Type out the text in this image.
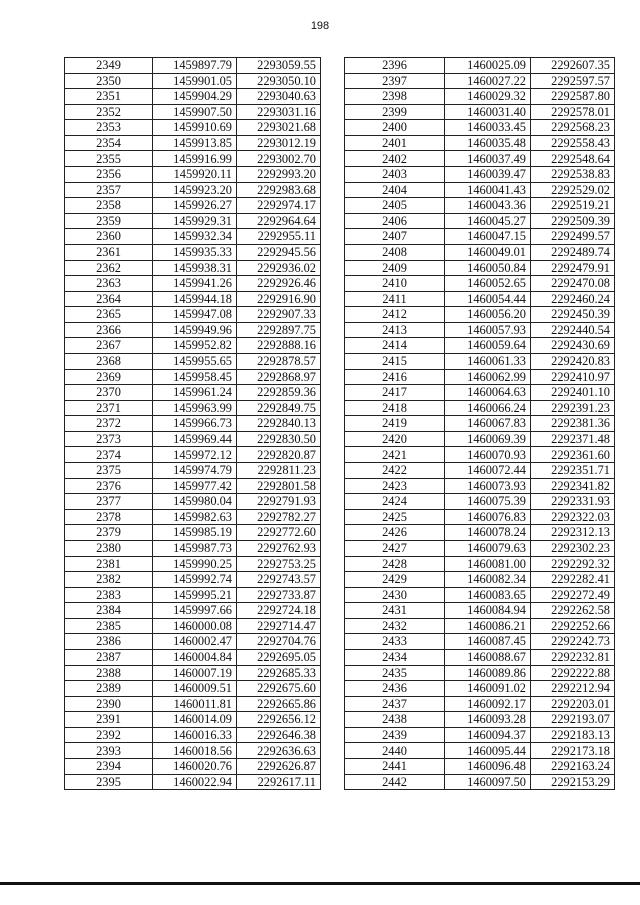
198
2349	1459897.79	2293059.55
2350	1459901.05	2293050.10
2351	1459904.29	2293040.63
2352	1459907.50	2293031.16
2353	1459910.69	2293021.68
2354	1459913.85	2293012.19
2355	1459916.99	2293002.70
2356	1459920.11	2292993.20
2357	1459923.20	2292983.68
2358	1459926.27	2292974.17
2359	1459929.31	2292964.64
2360	1459932.34	2292955.11
2361	1459935.33	2292945.56
2362	1459938.31	2292936.02
2363	1459941.26	2292926.46
2364	1459944.18	2292916.90
2365	1459947.08	2292907.33
2366	1459949.96	2292897.75
2367	1459952.82	2292888.16
2368	1459955.65	2292878.57
2369	1459958.45	2292868.97
2370	1459961.24	2292859.36
2371	1459963.99	2292849.75
2372	1459966.73	2292840.13
2373	1459969.44	2292830.50
2374	1459972.12	2292820.87
2375	1459974.79	2292811.23
2376	1459977.42	2292801.58
2377	1459980.04	2292791.93
2378	1459982.63	2292782.27
2379	1459985.19	2292772.60
2380	1459987.73	2292762.93
2381	1459990.25	2292753.25
2382	1459992.74	2292743.57
2383	1459995.21	2292733.87
2384	1459997.66	2292724.18
2385	1460000.08	2292714.47
2386	1460002.47	2292704.76
2387	1460004.84	2292695.05
2388	1460007.19	2292685.33
2389	1460009.51	2292675.60
2390	1460011.81	2292665.86
2391	1460014.09	2292656.12
2392	1460016.33	2292646.38
2393	1460018.56	2292636.63
2394	1460020.76	2292626.87
2395	1460022.94	2292617.11
2396	1460025.09	2292607.35
2397	1460027.22	2292597.57
2398	1460029.32	2292587.80
2399	1460031.40	2292578.01
2400	1460033.45	2292568.23
2401	1460035.48	2292558.43
2402	1460037.49	2292548.64
2403	1460039.47	2292538.83
2404	1460041.43	2292529.02
2405	1460043.36	2292519.21
2406	1460045.27	2292509.39
2407	1460047.15	2292499.57
2408	1460049.01	2292489.74
2409	1460050.84	2292479.91
2410	1460052.65	2292470.08
2411	1460054.44	2292460.24
2412	1460056.20	2292450.39
2413	1460057.93	2292440.54
2414	1460059.64	2292430.69
2415	1460061.33	2292420.83
2416	1460062.99	2292410.97
2417	1460064.63	2292401.10
2418	1460066.24	2292391.23
2419	1460067.83	2292381.36
2420	1460069.39	2292371.48
2421	1460070.93	2292361.60
2422	1460072.44	2292351.71
2423	1460073.93	2292341.82
2424	1460075.39	2292331.93
2425	1460076.83	2292322.03
2426	1460078.24	2292312.13
2427	1460079.63	2292302.23
2428	1460081.00	2292292.32
2429	1460082.34	2292282.41
2430	1460083.65	2292272.49
2431	1460084.94	2292262.58
2432	1460086.21	2292252.66
2433	1460087.45	2292242.73
2434	1460088.67	2292232.81
2435	1460089.86	2292222.88
2436	1460091.02	2292212.94
2437	1460092.17	2292203.01
2438	1460093.28	2292193.07
2439	1460094.37	2292183.13
2440	1460095.44	2292173.18
2441	1460096.48	2292163.24
2442	1460097.50	2292153.29
